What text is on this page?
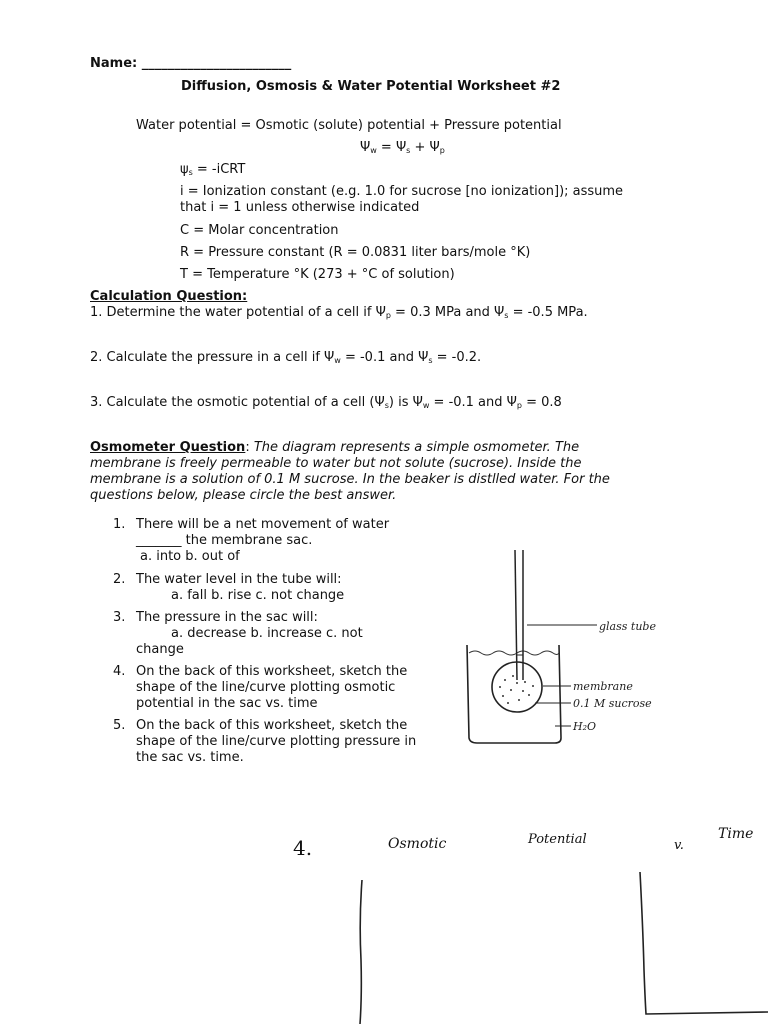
Name: _______________________
Diffusion, Osmosis & Water Potential Worksheet #2
Water potential = Osmotic (solute) potential + Pressure potential
$\Psi_w = \Psi_s + \Psi_p$
$\psi_s$ = -iCRT
i = Ionization constant (e.g. 1.0 for sucrose [no ionization]); assume
that i = 1 unless otherwise indicated
C = Molar concentration
R = Pressure constant (R = 0.0831 liter bars/mole °K)
T = Temperature °K (273 + °C of solution)
Calculation Question:
1. Determine the water potential of a cell if $\Psi_p = 0.3$ MPa and $\Psi_s = -0.5$ MPa.
2. Calculate the pressure in a cell if $\Psi_w = -0.1$ and $\Psi_s = -0.2$.
3. Calculate the osmotic potential of a cell $(\Psi_s)$ is $\Psi_w = -0.1$ and $\Psi_p = 0.8$
Osmometer Question: The diagram represents a simple osmometer. The
membrane is freely permeable to water but not solute (sucrose). Inside the
membrane is a solution of 0.1 M sucrose. In the beaker is distlled water. For the
questions below, please circle the best answer.
1. There will be a net movement of water
_______ the membrane sac.
a. into b. out of
2. The water level in the tube will:
a. fall b. rise c. not change
3. The pressure in the sac will:
a. decrease b. increase c. not
change
4. On the back of this worksheet, sketch the
shape of the line/curve plotting osmotic
potential in the sac vs. time
5. On the back of this worksheet, sketch the
shape of the line/curve plotting pressure in
the sac vs. time.
glass tube
membrane
0.1 M sucrose
H₂O
4.	Osmotic	Potential	v.
Time
